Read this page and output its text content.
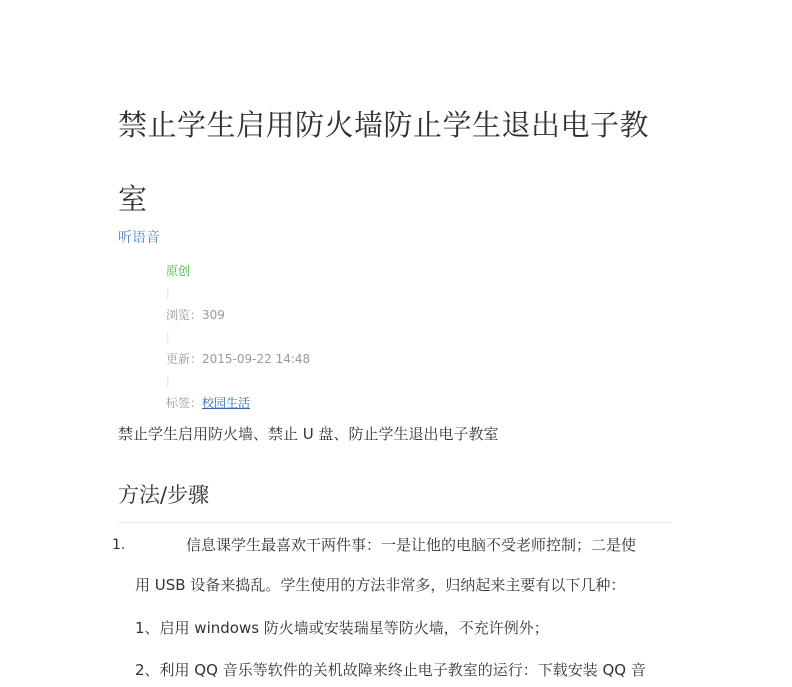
禁止学生启用防火墙防止学生退出电子教
室
听语音
原创
|
浏览：309
|
更新：2015-09-22 14:48
|
标签：校园生活
禁止学生启用防火墙、禁止 U 盘、防止学生退出电子教室
方法/步骤
1.	信息课学生最喜欢干两件事：一是让他的电脑不受老师控制；二是使
用 USB 设备来捣乱。学生使用的方法非常多，归纳起来主要有以下几种：
1、启用 windows 防火墙或安装瑞星等防火墙，不充许例外；
2、利用 QQ 音乐等软件的关机故障来终止电子教室的运行：下载安装 QQ 音
